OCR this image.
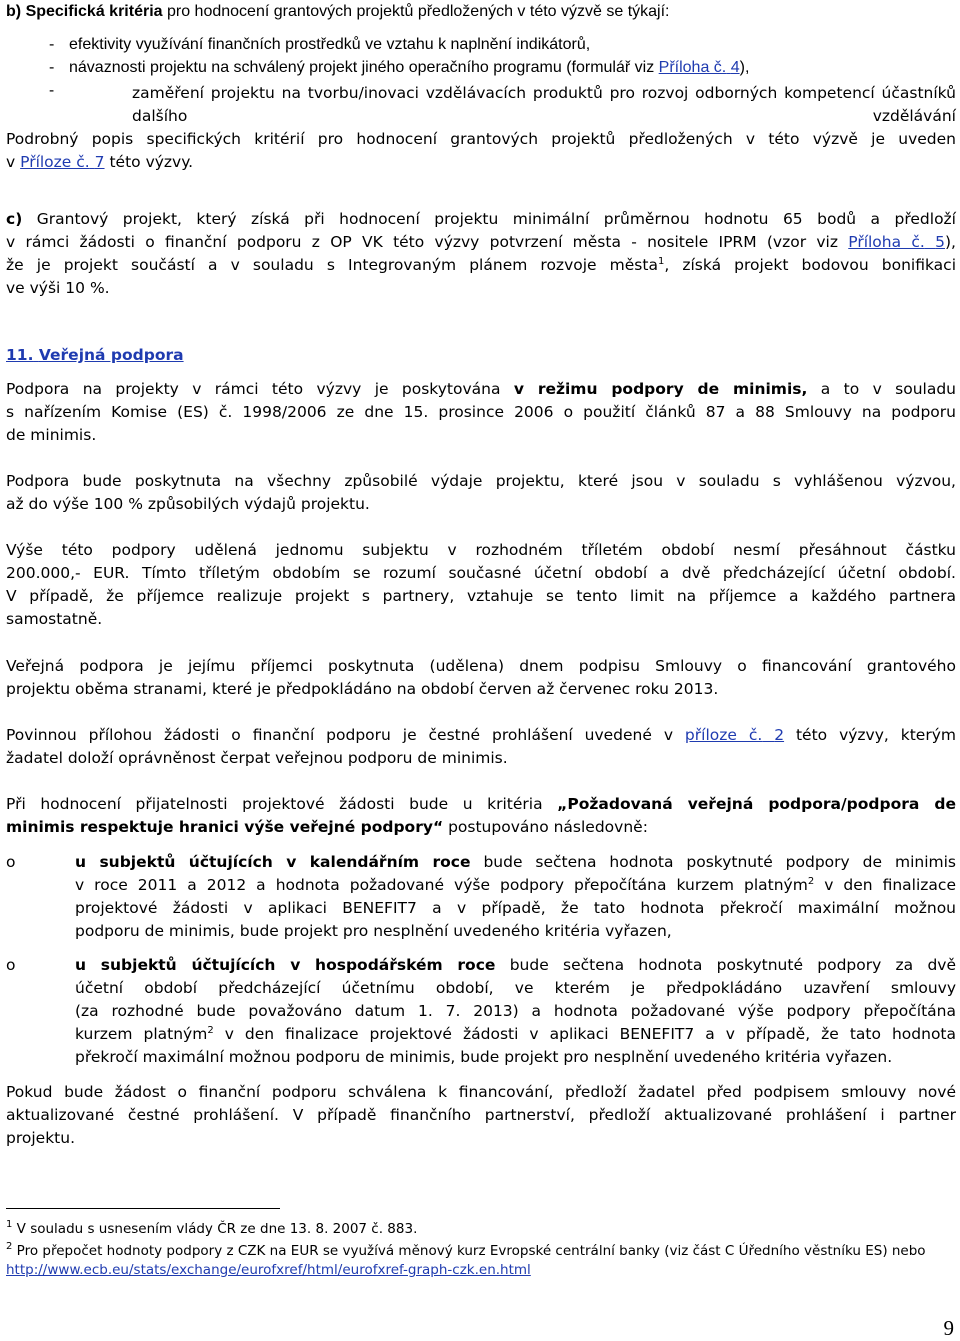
b) Specifická kritéria pro hodnocení grantových projektů předložených v této výzvě se týkají:

- efektivity využívání finančních prostředků ve vztahu k naplnění indikátorů,
- návaznosti projektu na schválený projekt jiného operačního programu (formulář viz Příloha č. 4),
-	zaměření projektu na tvorbu/inovaci vzdělávacích produktů pro rozvoj odborných kompetencí účastníků dalšího vzdělávání

Podrobný popis specifických kritérií pro hodnocení grantových projektů předložených v této výzvě je uveden

v Příloze č. 7 této výzvy.

c) Grantový projekt, který získá při hodnocení projektu minimální průměrnou hodnotu 65 bodů a předloží

v rámci žádosti o finanční podporu z OP VK této výzvy potvrzení města - nositele IPRM (vzor viz Příloha č. 5),

že je projekt součástí a v souladu s Integrovaným plánem rozvoje města$^1$, získá projekt bodovou bonifikaci

ve výši 10 %.

11. Veřejná podpora

Podpora na projekty v rámci této výzvy je poskytována v režimu podpory de minimis, a to v souladu

s nařízením Komise (ES) č. 1998/2006 ze dne 15. prosince 2006 o použití článků 87 a 88 Smlouvy na podporu

de minimis.

Podpora bude poskytnuta na všechny způsobilé výdaje projektu, které jsou v souladu s vyhlášenou výzvou,

až do výše 100 % způsobilých výdajů projektu.

Výše této podpory udělená jednomu subjektu v rozhodném tříletém období nesmí přesáhnout částku

200.000,- EUR. Tímto tříletým obdobím se rozumí současné účetní období a dvě předcházející účetní období.

V případě, že příjemce realizuje projekt s partnery, vztahuje se tento limit na příjemce a každého partnera

samostatně.

Veřejná podpora je jejímu příjemci poskytnuta (udělena) dnem podpisu Smlouvy o financování grantového

projektu oběma stranami, které je předpokládáno na období červen až červenec roku 2013.

Povinnou přílohou žádosti o finanční podporu je čestné prohlášení uvedené v příloze č. 2 této výzvy, kterým

žadatel doloží oprávněnost čerpat veřejnou podporu de minimis.

Při hodnocení přijatelnosti projektové žádosti bude u kritéria „Požadovaná veřejná podpora/podpora de

minimis respektuje hranici výše veřejné podpory“ postupováno následovně:

o	u subjektů účtujících v kalendářním roce bude sečtena hodnota poskytnuté podpory de minimis

v roce 2011 a 2012 a hodnota požadované výše podpory přepočítána kurzem platným$^2$ v den finalizace

projektové žádosti v aplikaci BENEFIT7 a v případě, že tato hodnota překročí maximální možnou

podporu de minimis, bude projekt pro nesplnění uvedeného kritéria vyřazen,

o	u subjektů účtujících v hospodářském roce bude sečtena hodnota poskytnuté podpory za dvě

účetní období předcházející účetnímu období, ve kterém je předpokládáno uzavření smlouvy

(za rozhodné bude považováno datum 1. 7. 2013) a hodnota požadované výše podpory přepočítána

kurzem platným$^2$ v den finalizace projektové žádosti v aplikaci BENEFIT7 a v případě, že tato hodnota

překročí maximální možnou podporu de minimis, bude projekt pro nesplnění uvedeného kritéria vyřazen.

Pokud bude žádost o finanční podporu schválena k financování, předloží žadatel před podpisem smlouvy nové

aktualizované čestné prohlášení. V případě finančního partnerství, předloží aktualizované prohlášení i partner

projektu.

$^1$ V souladu s usnesením vlády ČR ze dne 13. 8. 2007 č. 883.

$^2$ Pro přepočet hodnoty podpory z CZK na EUR se využívá měnový kurz Evropské centrální banky (viz část C Úředního věstníku ES) nebo

http://www.ecb.eu/stats/exchange/eurofxref/html/eurofxref-graph-czk.en.html

9
